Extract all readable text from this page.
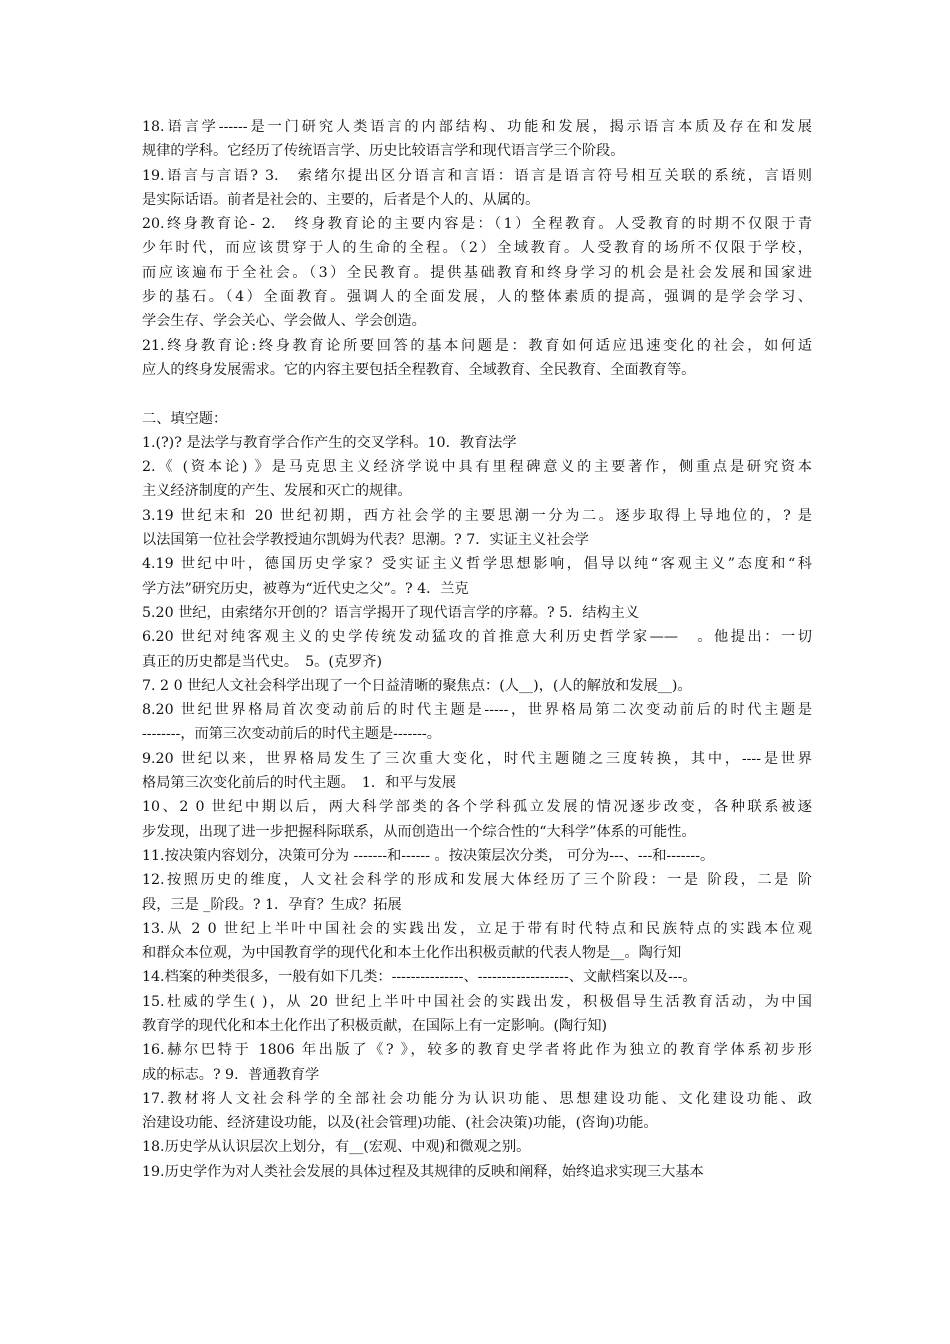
18.语言学------是一门研究人类语言的内部结构、功能和发展，揭示语言本质及存在和发展
规律的学科。它经历了传统语言学、历史比较语言学和现代语言学三个阶段。
19.语言与言语? 3.　索绪尔提出区分语言和言语：语言是语言符号相互关联的系统，言语则
是实际话语。前者是社会的、主要的，后者是个人的、从属的。
20.终身教育论- 2.　终身教育论的主要内容是：（1）全程教育。人受教育的时期不仅限于青
少年时代，而应该贯穿于人的生命的全程。（2）全域教育。人受教育的场所不仅限于学校，
而应该遍布于全社会。（3）全民教育。提供基础教育和终身学习的机会是社会发展和国家进
步的基石。（4）全面教育。强调人的全面发展，人的整体素质的提高，强调的是学会学习、
学会生存、学会关心、学会做人、学会创造。
21.终身教育论:终身教育论所要回答的基本问题是：教育如何适应迅速变化的社会，如何适
应人的终身发展需求。它的内容主要包括全程教育、全域教育、全民教育、全面教育等。
二、填空题：
1.(?)? 是法学与教育学合作产生的交叉学科。10．教育法学
2.《 (资本论) 》是马克思主义经济学说中具有里程碑意义的主要著作，侧重点是研究资本
主义经济制度的产生、发展和灭亡的规律。
3.19 世纪末和 20 世纪初期，西方社会学的主要思潮一分为二。逐步取得上导地位的，? 是
以法国第一位社会学教授迪尔凯姆为代表？思潮。? 7．实证主义社会学
4.19 世纪中叶，德国历史学家？受实证主义哲学思想影响，倡导以纯“客观主义”态度和“科
学方法”研究历史，被尊为“近代史之父”。? 4．兰克
5.20 世纪，由索绪尔开创的？语言学揭开了现代语言学的序幕。? 5．结构主义
6.20 世纪对纯客观主义的史学传统发动猛攻的首推意大利历史哲学家——　。他提出：一切
真正的历史都是当代史。　5。(克罗齐)
7. 2 0 世纪人文社会科学出现了一个日益清晰的聚焦点：(人__)，(人的解放和发展__)。
8.20 世纪世界格局首次变动前后的时代主题是-----，世界格局第二次变动前后的时代主题是
--------，而第三次变动前后的时代主题是-------。
9.20 世纪以来，世界格局发生了三次重大变化，时代主题随之三度转换，其中，----是世界
格局第三次变化前后的时代主题。　1．和平与发展
10、2 0 世纪中期以后，两大科学部类的各个学科孤立发展的情况逐步改变，各种联系被逐
步发现，出现了进一步把握科际联系，从而创造出一个综合性的“大科学”体系的可能性。
11.按决策内容划分，决策可分为 -------和------ 。按决策层次分类， 可分为---、---和-------。
12.按照历史的维度，人文社会科学的形成和发展大体经历了三个阶段：一是 阶段，二是 阶
段，三是 _阶段。? 1．孕育？生成？拓展
13.从 2 0 世纪上半叶中国社会的实践出发，立足于带有时代特点和民族特点的实践本位观
和群众本位观，为中国教育学的现代化和本土化作出积极贡献的代表人物是__。陶行知
14.档案的种类很多，一般有如下几类：---------------、-------------------、文献档案以及---。
15.杜威的学生( )，从 20 世纪上半叶中国社会的实践出发，积极倡导生活教育活动，为中国
教育学的现代化和本土化作出了积极贡献，在国际上有一定影响。(陶行知)
16.赫尔巴特于 1806 年出版了《? 》，较多的教育史学者将此作为独立的教育学体系初步形
成的标志。? 9．普通教育学
17.教材将人文社会科学的全部社会功能分为认识功能、思想建设功能、文化建设功能、政
治建设功能、经济建设功能，以及(社会管理)功能、(社会决策)功能，(咨询)功能。
18.历史学从认识层次上划分，有__(宏观、中观)和微观之别。
19.历史学作为对人类社会发展的具体过程及其规律的反映和阐释，始终追求实现三大基本
